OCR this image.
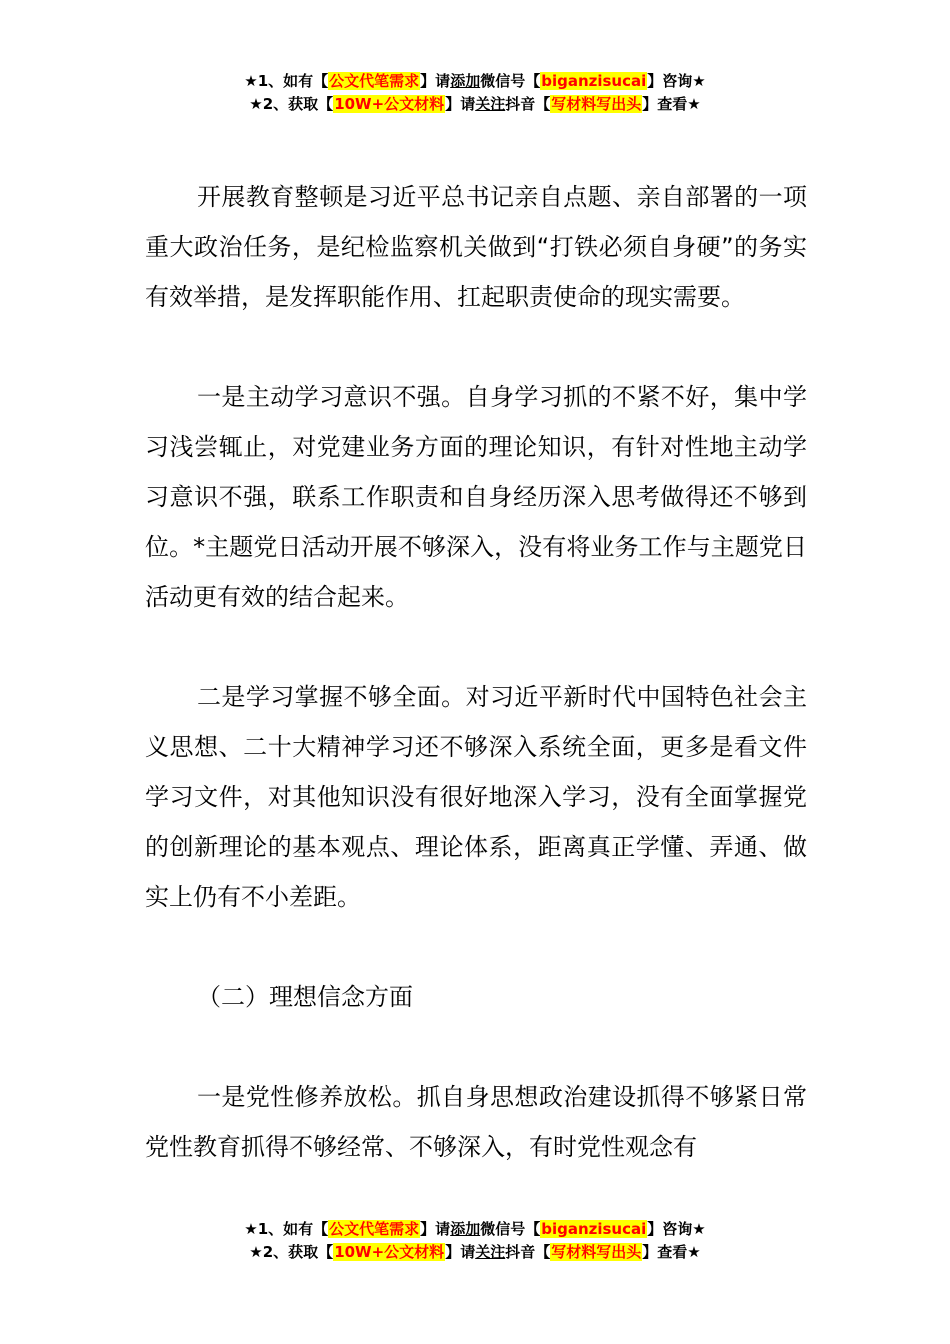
★1、如有【公文代笔需求】请添加微信号【biganzisucai】咨询★
★2、获取【10W+公文材料】请关注抖音【写材料写出头】查看★

开展教育整顿是习近平总书记亲自点题、亲自部署的一项重大政治任务，是纪检监察机关做到“打铁必须自身硬”的务实有效举措，是发挥职能作用、扛起职责使命的现实需要。

一是主动学习意识不强。自身学习抓的不紧不好，集中学习浅尝辄止，对党建业务方面的理论知识，有针对性地主动学习意识不强，联系工作职责和自身经历深入思考做得还不够到位。*主题党日活动开展不够深入，没有将业务工作与主题党日活动更有效的结合起来。

二是学习掌握不够全面。对习近平新时代中国特色社会主义思想、二十大精神学习还不够深入系统全面，更多是看文件学习文件，对其他知识没有很好地深入学习，没有全面掌握党的创新理论的基本观点、理论体系，距离真正学懂、弄通、做实上仍有不小差距。

（二）理想信念方面

一是党性修养放松。抓自身思想政治建设抓得不够紧日常党性教育抓得不够经常、不够深入，有时党性观念有

★1、如有【公文代笔需求】请添加微信号【biganzisucai】咨询★
★2、获取【10W+公文材料】请关注抖音【写材料写出头】查看★
